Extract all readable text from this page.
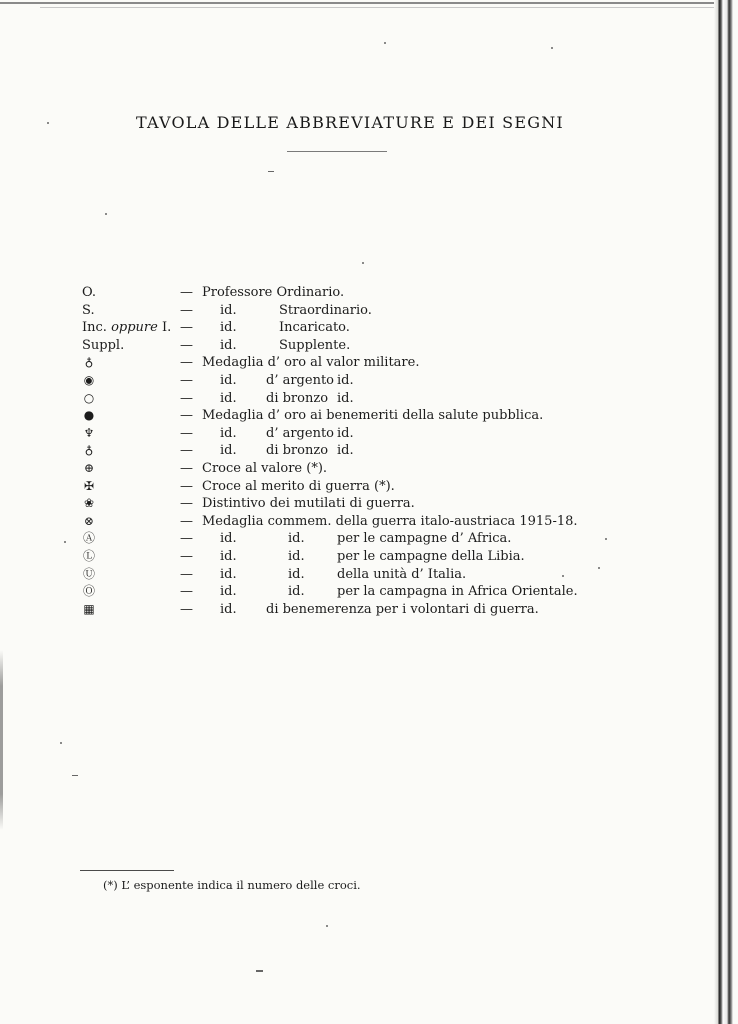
TAVOLA DELLE ABBREVIATURE E DEI SEGNI
O.	— Professore Ordinario.
S.	— id.	Straordinario.
Inc. oppure I. — id.	Incaricato.
Suppl.	— id.	Supplente.
♁	— Medaglia d’ oro al valor militare.
◉	— id. d’ argento id.
○	— id. di bronzo id.
●	— Medaglia d’ oro ai benemeriti della salute pubblica.
♆	— id. d’ argento id.
♁	— id. di bronzo id.
⊕	— Croce al valore (*).
✠	— Croce al merito di guerra (*).
❀	— Distintivo dei mutilati di guerra.
⊗	— Medaglia commem. della guerra italo-austriaca 1915-18.
Ⓐ	— id.	id. per le campagne d’ Africa.
Ⓛ	— id.	id. per le campagne della Libia.
Ⓤ	— id.	id. della unità d’ Italia.
Ⓞ	— id.	id. per la campagna in Africa Orientale.
▦	— id. di benemerenza per i volontari di guerra.
(*) L’ esponente indica il numero delle croci.
